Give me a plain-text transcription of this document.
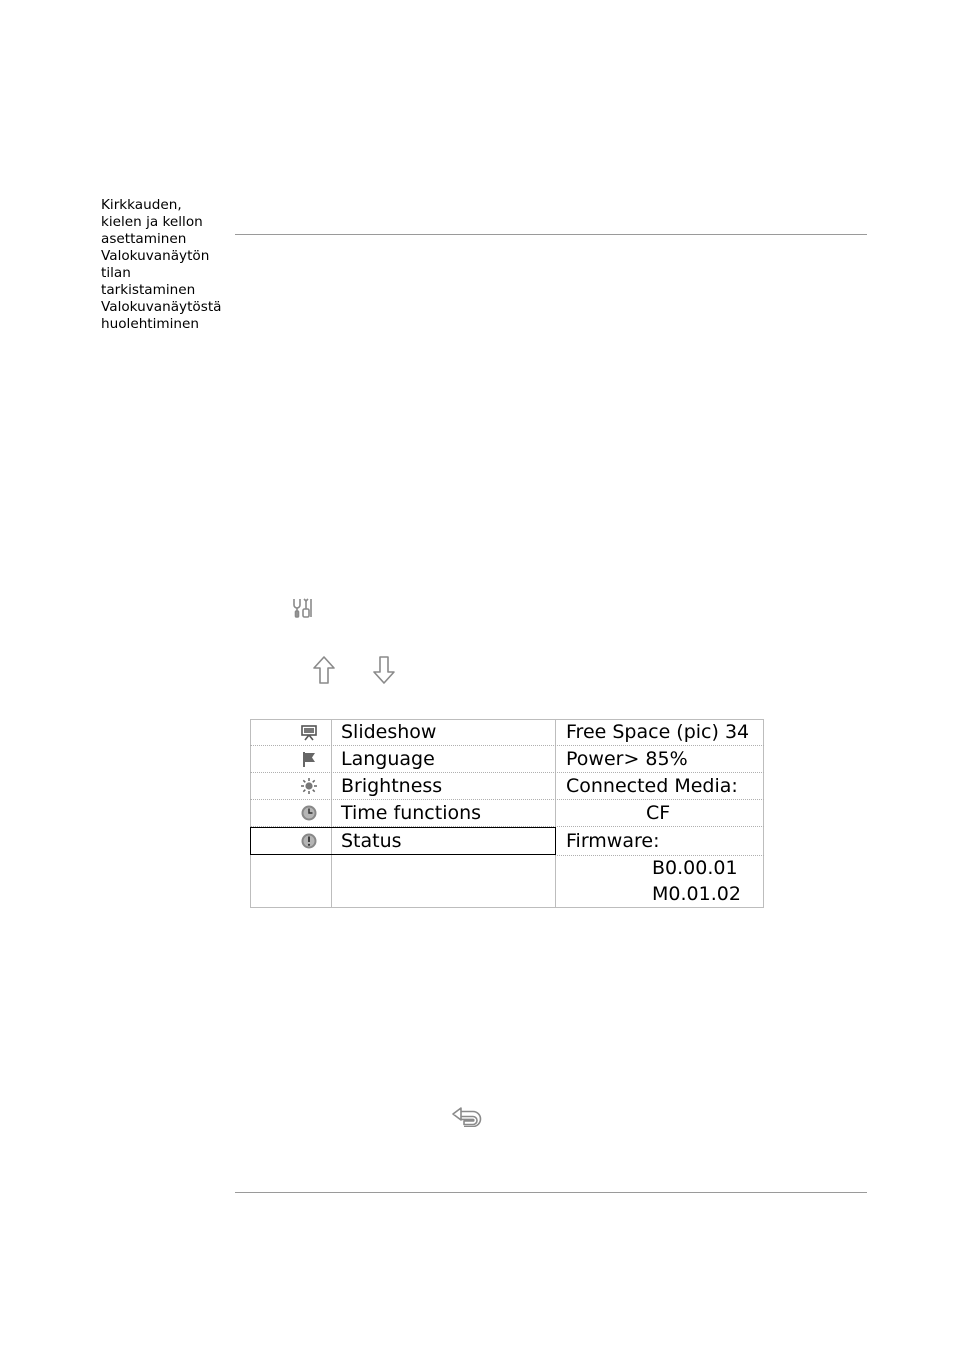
Kirkkauden,
kielen ja kellon
asettaminen
Valokuvanäytön
tilan
tarkistaminen
Valokuvanäytöstä
huolehtiminen
Slideshow
Language
Brightness
Time functions
Status
Free Space (pic) 34
Power> 85%
Connected Media:
CF
Firmware:
B0.00.01
M0.01.02
